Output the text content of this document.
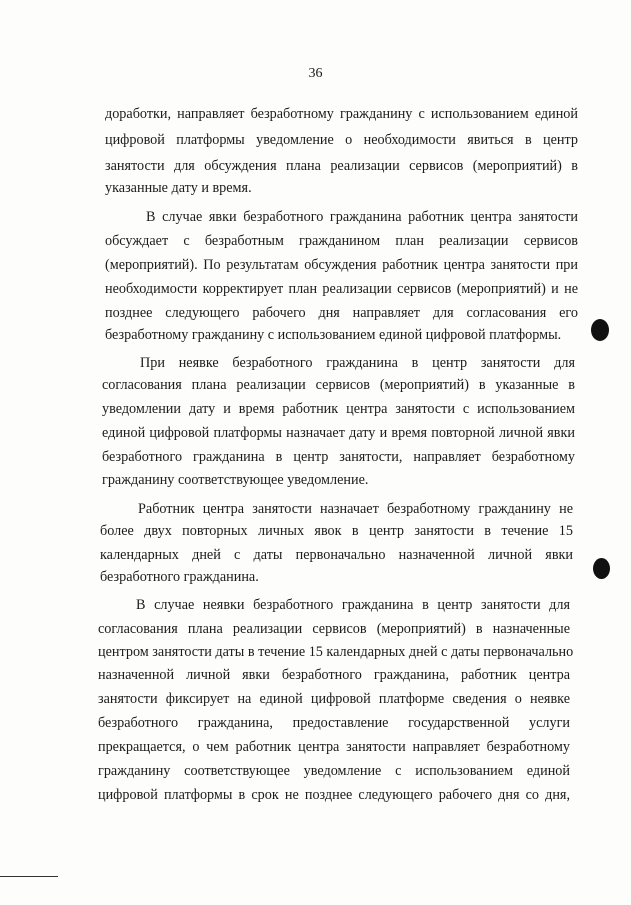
36
доработки, направляет безработному гражданину с использованием единой
цифровой платформы уведомление о необходимости явиться в центр
занятости для обсуждения плана реализации сервисов (мероприятий) в
указанные дату и время.
В случае явки безработного гражданина работник центра занятости
обсуждает с безработным гражданином план реализации сервисов
(мероприятий). По результатам обсуждения работник центра занятости при
необходимости корректирует план реализации сервисов (мероприятий) и не
позднее следующего рабочего дня направляет для согласования его
безработному гражданину с использованием единой цифровой платформы.
При неявке безработного гражданина в центр занятости для
согласования плана реализации сервисов (мероприятий) в указанные в
уведомлении дату и время работник центра занятости с использованием
единой цифровой платформы назначает дату и время повторной личной явки
безработного гражданина в центр занятости, направляет безработному
гражданину соответствующее уведомление.
Работник центра занятости назначает безработному гражданину не
более двух повторных личных явок в центр занятости в течение 15
календарных дней с даты первоначально назначенной личной явки
безработного гражданина.
В случае неявки безработного гражданина в центр занятости для
согласования плана реализации сервисов (мероприятий) в назначенные
центром занятости даты в течение 15 календарных дней с даты первоначально
назначенной личной явки безработного гражданина, работник центра
занятости фиксирует на единой цифровой платформе сведения о неявке
безработного гражданина, предоставление государственной услуги
прекращается, о чем работник центра занятости направляет безработному
гражданину соответствующее уведомление с использованием единой
цифровой платформы в срок не позднее следующего рабочего дня со дня,
